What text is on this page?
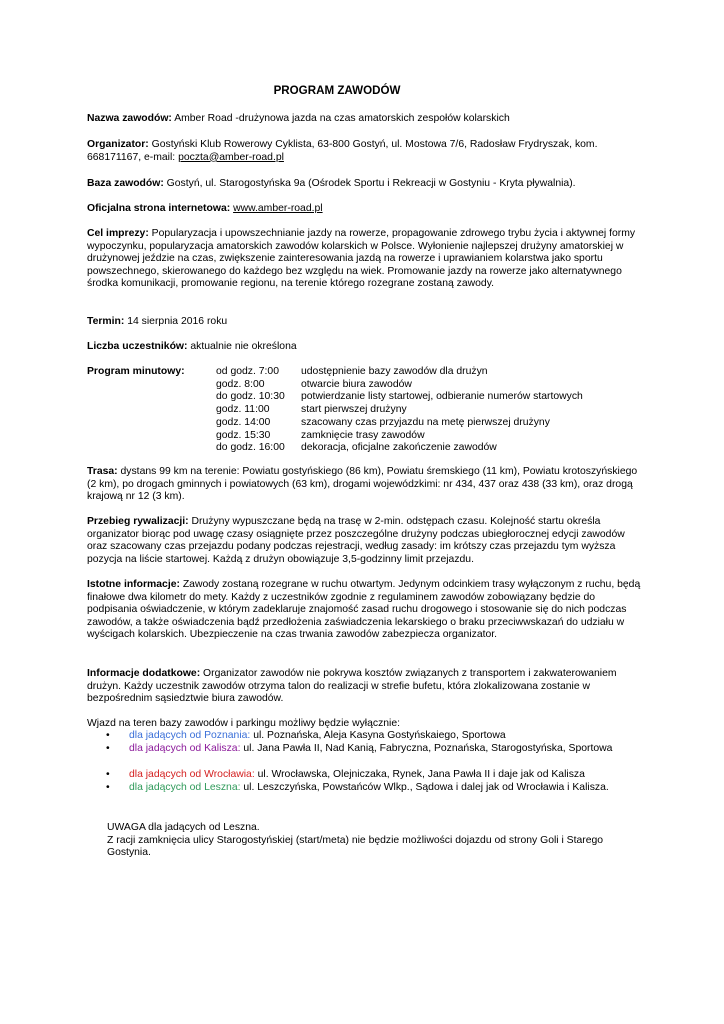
PROGRAM ZAWODÓW
Nazwa zawodów: Amber Road -drużynowa jazda na czas amatorskich zespołów kolarskich
Organizator: Gostyński Klub Rowerowy Cyklista, 63-800 Gostyń, ul. Mostowa 7/6, Radosław Frydryszak, kom. 668171167, e-mail: poczta@amber-road.pl
Baza zawodów: Gostyń, ul. Starogostyńska 9a (Ośrodek Sportu i Rekreacji w Gostyniu - Kryta pływalnia).
Oficjalna strona internetowa: www.amber-road.pl
Cel imprezy: Popularyzacja i upowszechnianie jazdy na rowerze, propagowanie zdrowego trybu życia i aktywnej formy wypoczynku, popularyzacja amatorskich zawodów kolarskich w Polsce. Wyłonienie najlepszej drużyny amatorskiej w drużynowej jeździe na czas, zwiększenie zainteresowania jazdą na rowerze i uprawianiem kolarstwa jako sportu powszechnego, skierowanego do każdego bez względu na wiek. Promowanie jazdy na rowerze jako alternatywnego środka komunikacji, promowanie regionu, na terenie którego rozegrane zostaną zawody.
Termin: 14 sierpnia 2016 roku
Liczba uczestników: aktualnie nie określona
Program minutowy:	od godz. 7:00 udostępnienie bazy zawodów dla drużyn
godz. 8:00	otwarcie biura zawodów
do godz. 10:30 potwierdzanie listy startowej, odbieranie numerów startowych
godz. 11:00	start pierwszej drużyny
godz. 14:00	szacowany czas przyjazdu na metę pierwszej drużyny
godz. 15:30	zamknięcie trasy zawodów
do godz. 16:00 dekoracja, oficjalne zakończenie zawodów
Trasa: dystans 99 km na terenie: Powiatu gostyńskiego (86 km), Powiatu śremskiego (11 km), Powiatu krotoszyńskiego (2 km), po drogach gminnych i powiatowych (63 km), drogami wojewódzkimi: nr 434, 437 oraz 438 (33 km), oraz drogą krajową nr 12 (3 km).
Przebieg rywalizacji: Drużyny wypuszczane będą na trasę w 2-min. odstępach czasu. Kolejność startu określa organizator biorąc pod uwagę czasy osiągnięte przez poszczególne drużyny podczas ubiegłorocznej edycji zawodów oraz szacowany czas przejazdu podany podczas rejestracji, według zasady: im krótszy czas przejazdu tym wyższa pozycja na liście startowej. Każdą z drużyn obowiązuje 3,5-godzinny limit przejazdu.
Istotne informacje: Zawody zostaną rozegrane w ruchu otwartym. Jedynym odcinkiem trasy wyłączonym z ruchu, będą finałowe dwa kilometr do mety. Każdy z uczestników zgodnie z regulaminem zawodów zobowiązany będzie do podpisania oświadczenie, w którym zadeklaruje znajomość zasad ruchu drogowego i stosowanie się do nich podczas zawodów, a także oświadczenia bądź przedłożenia zaświadczenia lekarskiego o braku przeciwwskazań do udziału w wyścigach kolarskich. Ubezpieczenie na czas trwania zawodów zabezpiecza organizator.
Informacje dodatkowe: Organizator zawodów nie pokrywa kosztów związanych z transportem i zakwaterowaniem drużyn. Każdy uczestnik zawodów otrzyma talon do realizacji w strefie bufetu, która zlokalizowana zostanie w bezpośrednim sąsiedztwie biura zawodów.
Wjazd na teren bazy zawodów i parkingu możliwy będzie wyłącznie:
• dla jadących od Poznania: ul. Poznańska, Aleja Kasyna Gostyńskaiego, Sportowa
• dla jadących od Kalisza: ul. Jana Pawła II, Nad Kanią, Fabryczna, Poznańska, Starogostyńska, Sportowa
• dla jadących od Wrocławia: ul. Wrocławska, Olejniczaka, Rynek, Jana Pawła II i daje jak od Kalisza
• dla jadących od Leszna: ul. Leszczyńska, Powstańców Wlkp., Sądowa i dalej jak od Wrocławia i Kalisza.
UWAGA dla jadących od Leszna.
Z racji zamknięcia ulicy Starogostyńskiej (start/meta) nie będzie możliwości dojazdu od strony Goli i Starego Gostynia.
